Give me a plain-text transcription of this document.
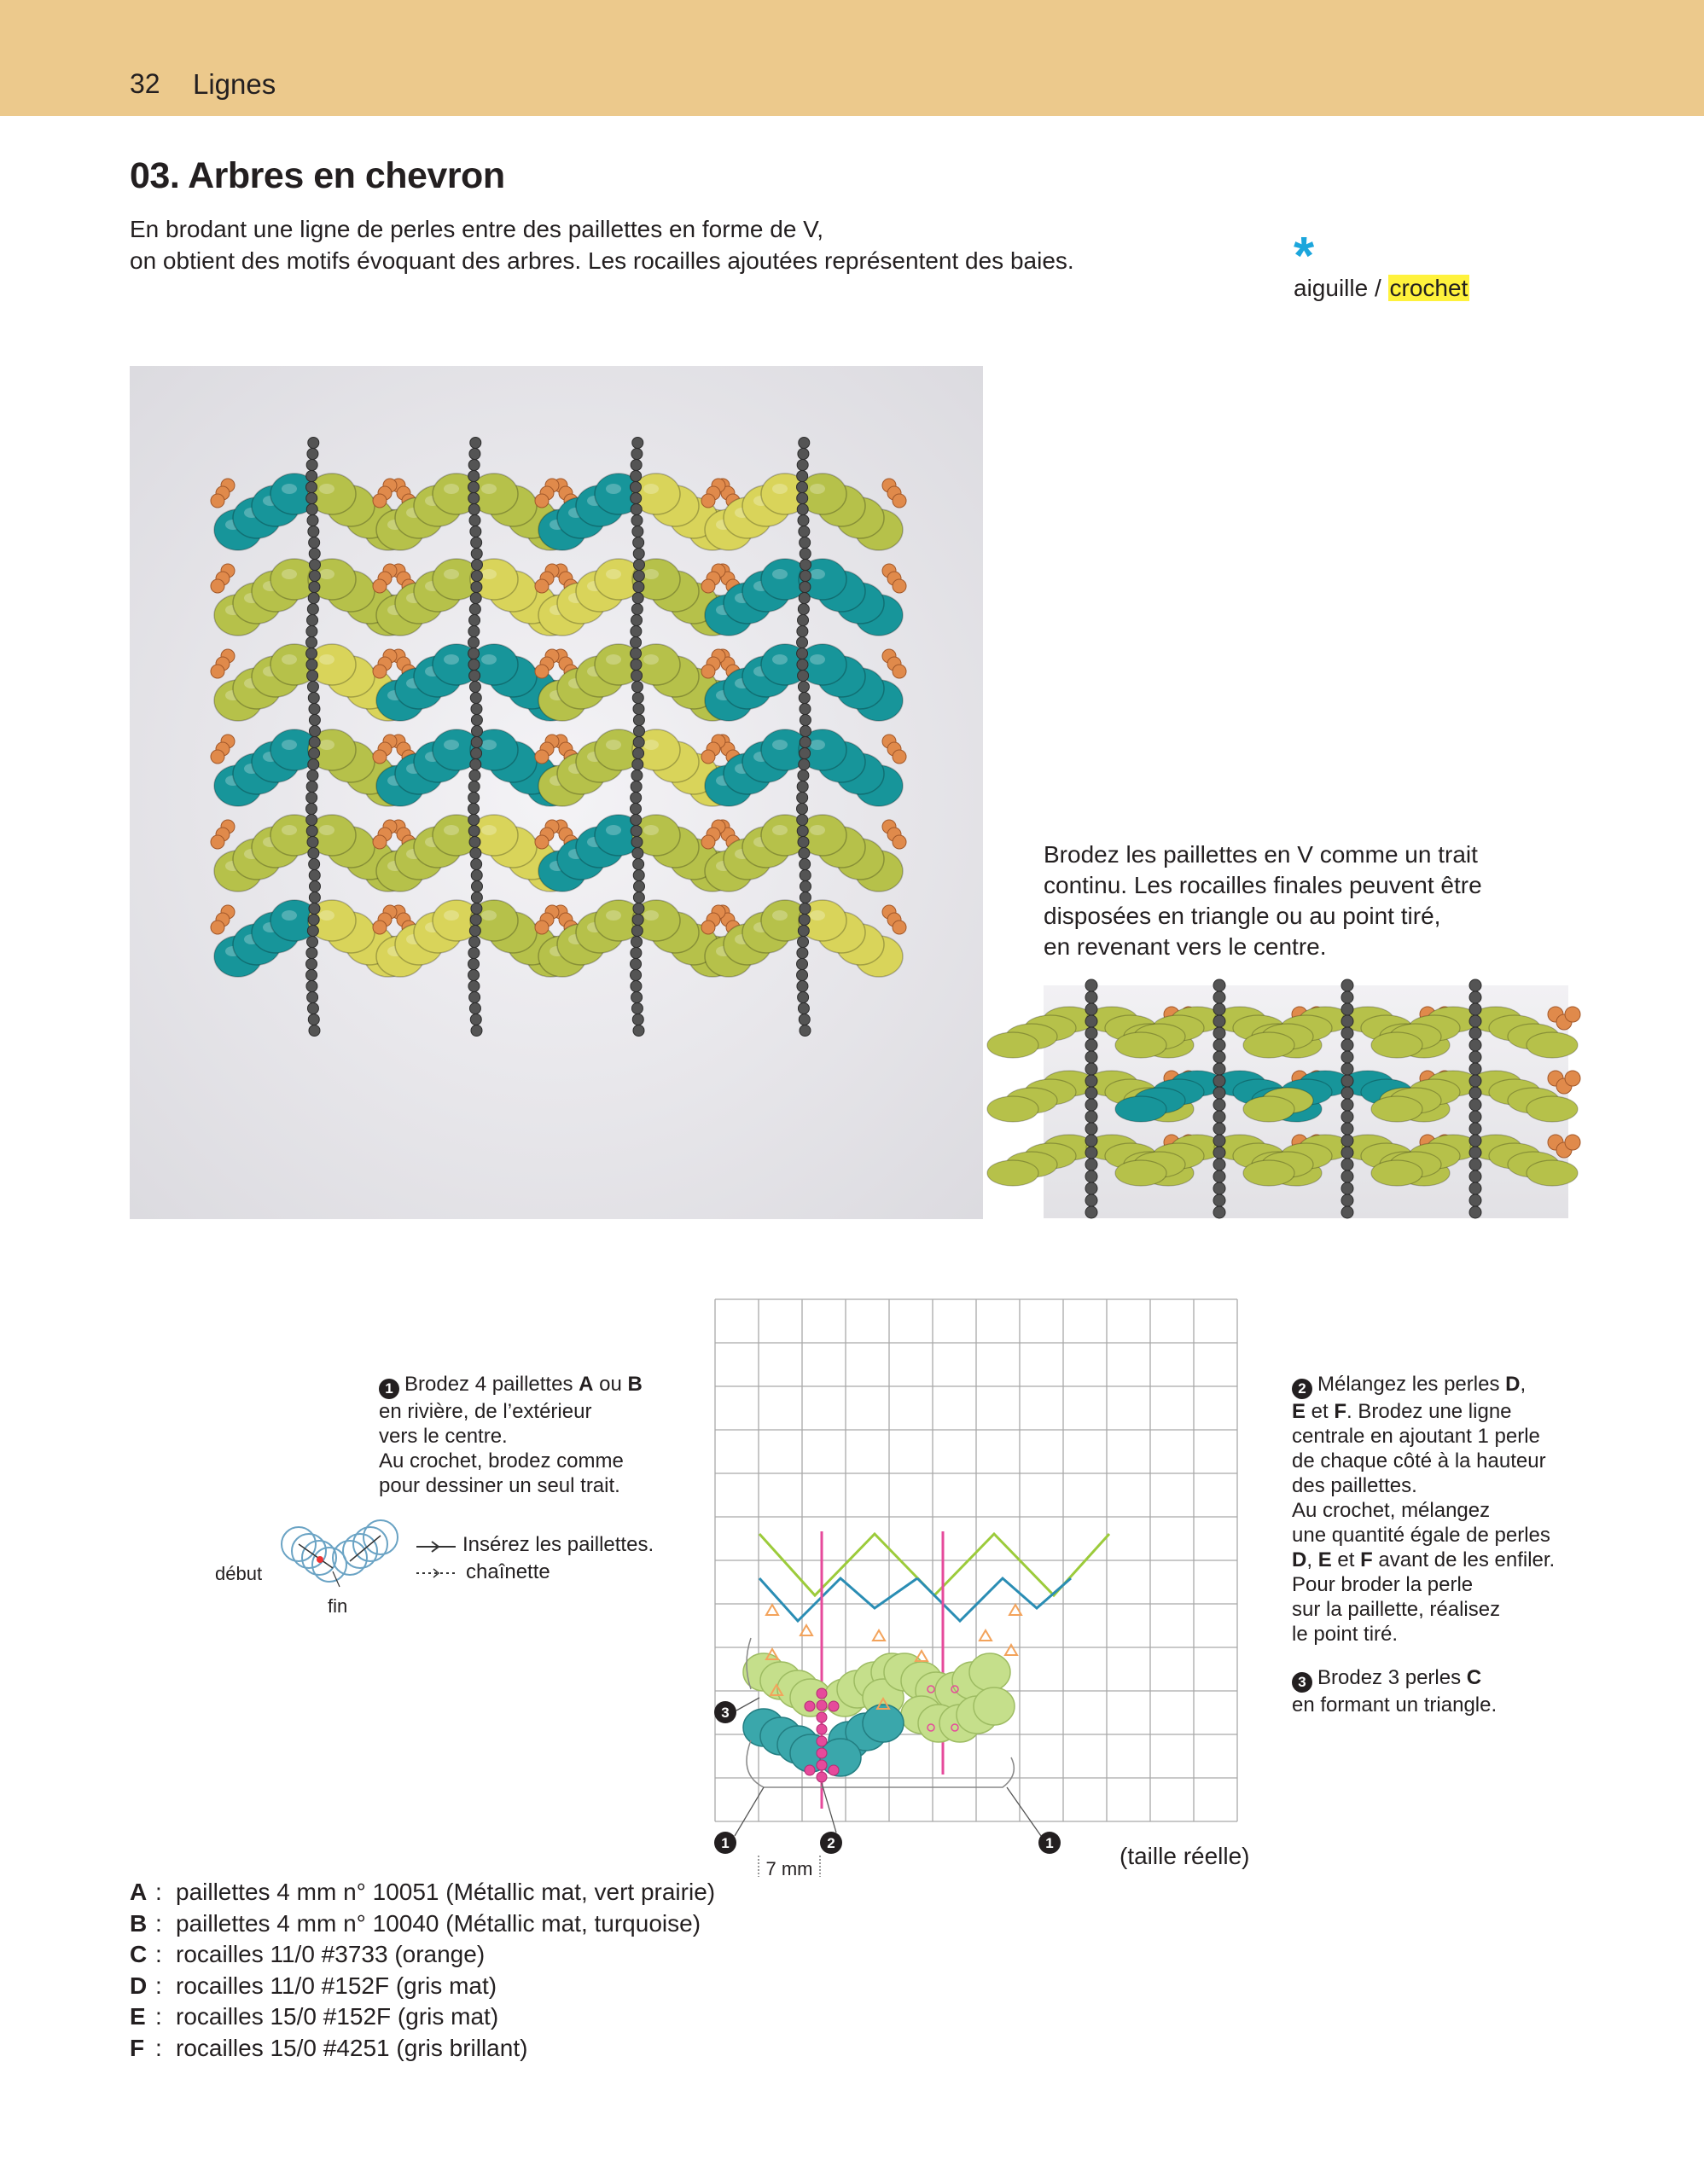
32 Lignes
03. Arbres en chevron
En brodant une ligne de perles entre des paillettes en forme de V,
on obtient des motifs évoquant des arbres. Les rocailles ajoutées représentent des baies.	*
aiguille / crochet
Brodez les paillettes en V comme un trait
continu. Les rocailles finales peuvent être
disposées en triangle ou au point tiré,
en revenant vers le centre.
1 Brodez 4 paillettes A ou B
en rivière, de l’extérieur
vers le centre.
Au crochet, brodez comme
pour dessiner un seul trait.
début
fin
Insérez les paillettes.
chaînette
1	2	1
3
7 mm	(taille réelle)
2 Mélangez les perles D,
E et F. Brodez une ligne
centrale en ajoutant 1 perle
de chaque côté à la hauteur
des paillettes.
Au crochet, mélangez
une quantité égale de perles
D, E et F avant de les enfiler.
Pour broder la perle
sur la paillette, réalisez
le point tiré.
3 Brodez 3 perles C
en formant un triangle.
A : paillettes 4 mm n° 10051 (Métallic mat, vert prairie)
B : paillettes 4 mm n° 10040 (Métallic mat, turquoise)
C : rocailles 11/0 #3733 (orange)
D : rocailles 11/0 #152F (gris mat)
E : rocailles 15/0 #152F (gris mat)
F : rocailles 15/0 #4251 (gris brillant)
